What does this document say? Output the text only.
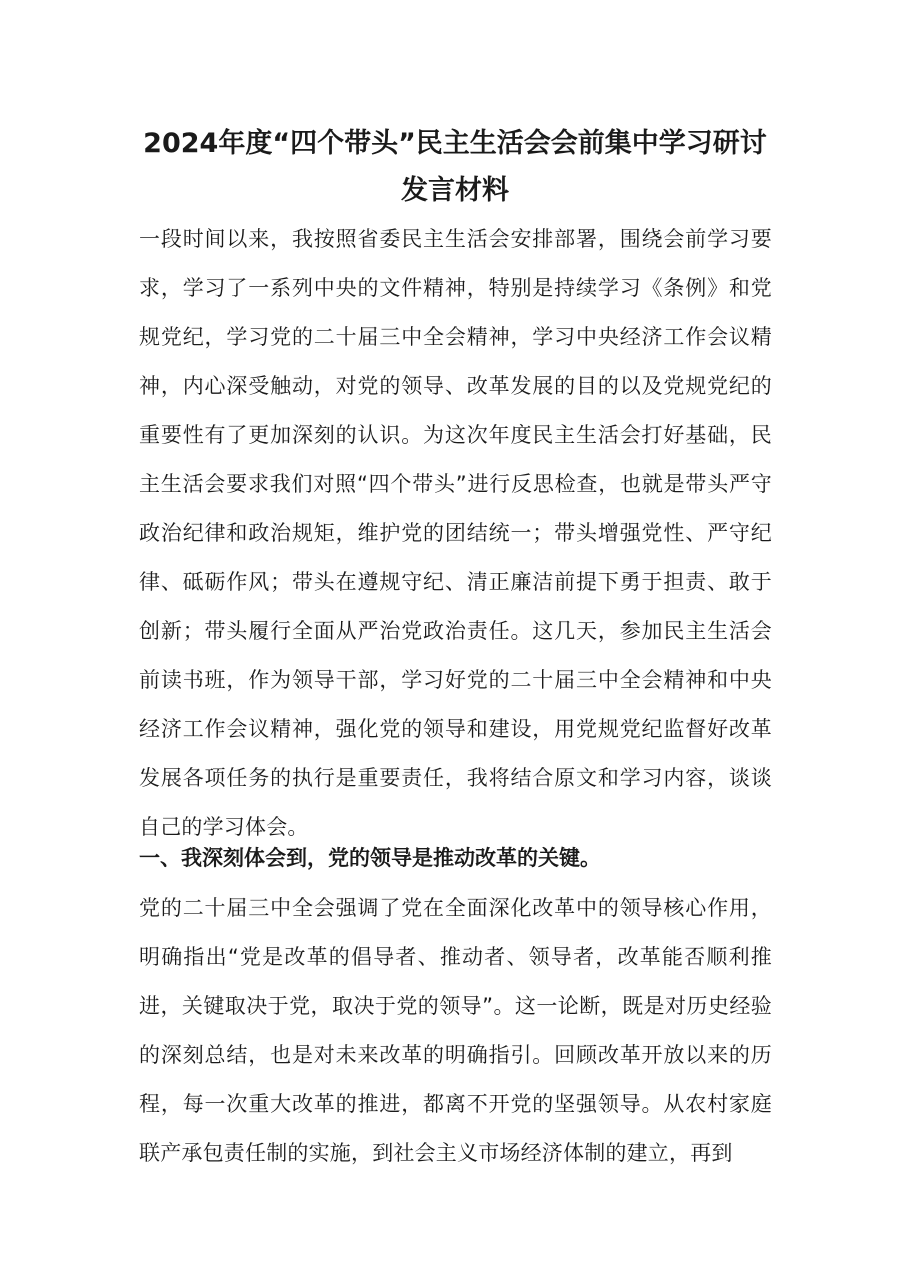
2024年度“四个带头”民主生活会会前集中学习研讨发言材料

一段时间以来，我按照省委民主生活会安排部署，围绕会前学习要求，学习了一系列中央的文件精神，特别是持续学习《条例》和党规党纪，学习党的二十届三中全会精神，学习中央经济工作会议精神，内心深受触动，对党的领导、改革发展的目的以及党规党纪的重要性有了更加深刻的认识。为这次年度民主生活会打好基础，民主生活会要求我们对照“四个带头”进行反思检查，也就是带头严守政治纪律和政治规矩，维护党的团结统一；带头增强党性、严守纪律、砥砺作风；带头在遵规守纪、清正廉洁前提下勇于担责、敢于创新；带头履行全面从严治党政治责任。这几天，参加民主生活会前读书班，作为领导干部，学习好党的二十届三中全会精神和中央经济工作会议精神，强化党的领导和建设，用党规党纪监督好改革发展各项任务的执行是重要责任，我将结合原文和学习内容，谈谈自己的学习体会。

一、我深刻体会到，党的领导是推动改革的关键。

党的二十届三中全会强调了党在全面深化改革中的领导核心作用，明确指出“党是改革的倡导者、推动者、领导者，改革能否顺利推进，关键取决于党，取决于党的领导”。这一论断，既是对历史经验的深刻总结，也是对未来改革的明确指引。回顾改革开放以来的历程，每一次重大改革的推进，都离不开党的坚强领导。从农村家庭联产承包责任制的实施，到社会主义市场经济体制的建立，再到
